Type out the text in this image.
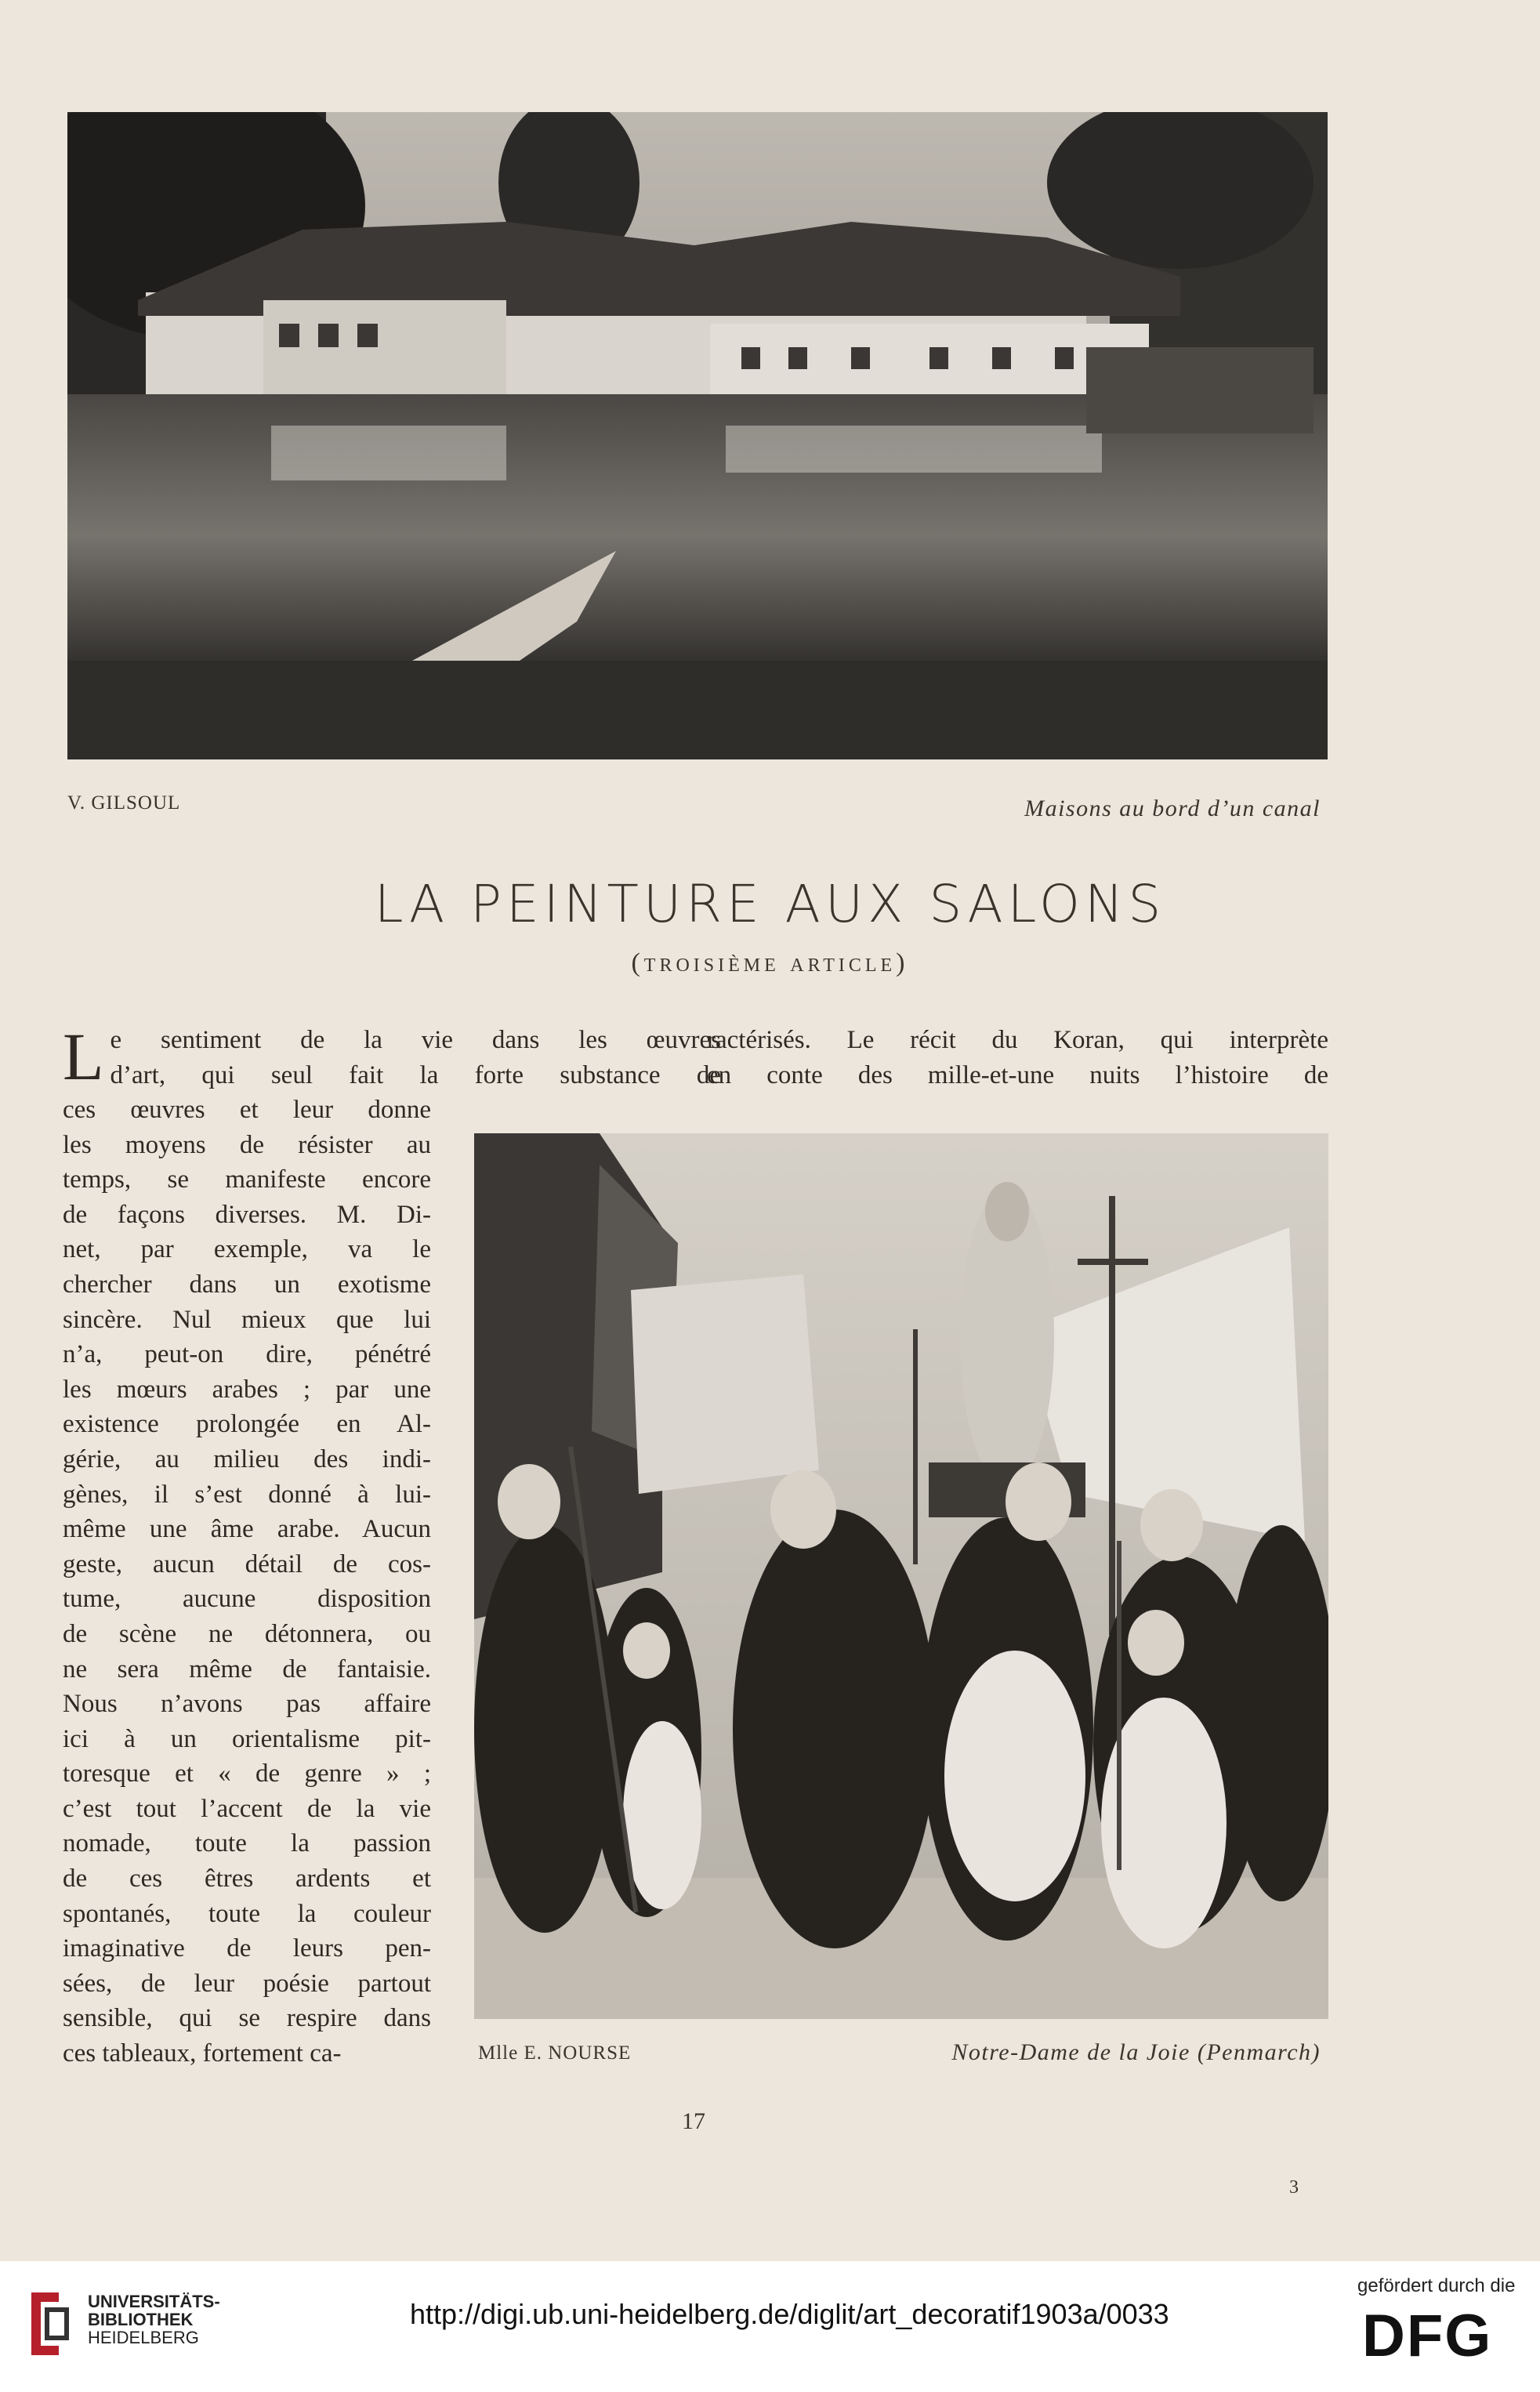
V. GILSOUL	Maisons au bord d’un canal
LA PEINTURE AUX SALONS
(troisième article)
L e sentiment de la vie dans les œuvres
d’art, qui seul fait la forte substance de
ces œuvres et leur donne
les moyens de résister au
temps, se manifeste encore
de façons diverses. M. Di-
net, par exemple, va le
chercher dans un exotisme
sincère. Nul mieux que lui
n’a, peut-on dire, pénétré
les mœurs arabes ; par une
existence prolongée en Al-
gérie, au milieu des indi-
gènes, il s’est donné à lui-
même une âme arabe. Aucun
geste, aucun détail de cos-
tume, aucune disposition
de scène ne détonnera, ou
ne sera même de fantaisie.
Nous n’avons pas affaire
ici à un orientalisme pit-
toresque et « de genre » ;
c’est tout l’accent de la vie
nomade, toute la passion
de ces êtres ardents et
spontanés, toute la couleur
imaginative de leurs pen-
sées, de leur poésie partout
sensible, qui se respire dans
ces tableaux, fortement ca-
ractérisés. Le récit du Koran, qui interprète
en conte des mille-et-une nuits l’histoire de
Mlle E. NOURSE	Notre-Dame de la Joie (Penmarch)
17
3
UNIVERSITÄTS-
BIBLIOTHEK
HEIDELBERG
http://digi.ub.uni-heidelberg.de/diglit/art_decoratif1903a/0033
gefördert durch die
DFG
